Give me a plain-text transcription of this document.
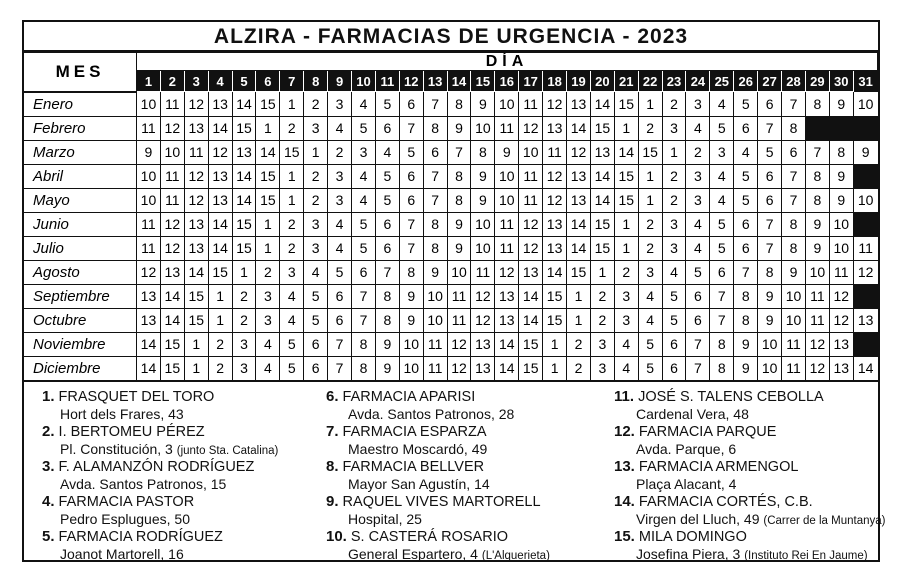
ALZIRA - FARMACIAS DE URGENCIA - 2023
MES	DÍA																														
	1	2	3	4	5	6	7	8	9	10	11	12	13	14	15	16	17	18	19	20	21	22	23	24	25	26	27	28	29	30	31
Enero	10	11	12	13	14	15	1	2	3	4	5	6	7	8	9	10	11	12	13	14	15	1	2	3	4	5	6	7	8	9	10
Febrero	11	12	13	14	15	1	2	3	4	5	6	7	8	9	10	11	12	13	14	15	1	2	3	4	5	6	7	8			
Marzo	9	10	11	12	13	14	15	1	2	3	4	5	6	7	8	9	10	11	12	13	14	15	1	2	3	4	5	6	7	8	9
Abril	10	11	12	13	14	15	1	2	3	4	5	6	7	8	9	10	11	12	13	14	15	1	2	3	4	5	6	7	8	9	
Mayo	10	11	12	13	14	15	1	2	3	4	5	6	7	8	9	10	11	12	13	14	15	1	2	3	4	5	6	7	8	9	10
Junio	11	12	13	14	15	1	2	3	4	5	6	7	8	9	10	11	12	13	14	15	1	2	3	4	5	6	7	8	9	10	
Julio	11	12	13	14	15	1	2	3	4	5	6	7	8	9	10	11	12	13	14	15	1	2	3	4	5	6	7	8	9	10	11
Agosto	12	13	14	15	1	2	3	4	5	6	7	8	9	10	11	12	13	14	15	1	2	3	4	5	6	7	8	9	10	11	12
Septiembre	13	14	15	1	2	3	4	5	6	7	8	9	10	11	12	13	14	15	1	2	3	4	5	6	7	8	9	10	11	12	
Octubre	13	14	15	1	2	3	4	5	6	7	8	9	10	11	12	13	14	15	1	2	3	4	5	6	7	8	9	10	11	12	13
Noviembre	14	15	1	2	3	4	5	6	7	8	9	10	11	12	13	14	15	1	2	3	4	5	6	7	8	9	10	11	12	13	
Diciembre	14	15	1	2	3	4	5	6	7	8	9	10	11	12	13	14	15	1	2	3	4	5	6	7	8	9	10	11	12	13	14
1. FRASQUET DEL TORO
Hort dels Frares, 43
2. I. BERTOMEU PÉREZ
Pl. Constitución, 3 (junto Sta. Catalina)
3. F. ALAMANZÓN RODRÍGUEZ
Avda. Santos Patronos, 15
4. FARMACIA PASTOR
Pedro Esplugues, 50
5. FARMACIA RODRÍGUEZ
Joanot Martorell, 16
6. FARMACIA APARISI
Avda. Santos Patronos, 28
7. FARMACIA ESPARZA
Maestro Moscardó, 49
8. FARMACIA BELLVER
Mayor San Agustín, 14
9. RAQUEL VIVES MARTORELL
Hospital, 25
10. S. CASTERÁ ROSARIO
General Espartero, 4 (L'Alquerieta)
11. JOSÉ S. TALENS CEBOLLA
Cardenal Vera, 48
12. FARMACIA PARQUE
Avda. Parque, 6
13. FARMACIA ARMENGOL
Plaça Alacant, 4
14. FARMACIA CORTÉS, C.B.
Virgen del Lluch, 49 (Carrer de la Muntanya)
15. MILA DOMINGO
Josefina Piera, 3 (Instituto Rei En Jaume)
